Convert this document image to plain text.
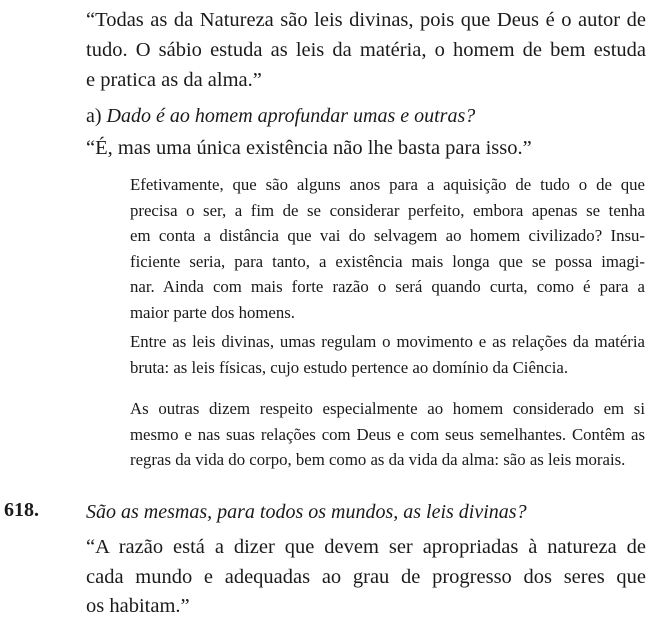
“Todas as da Natureza são leis divinas, pois que Deus é o autor de
tudo. O sábio estuda as leis da matéria, o homem de bem estuda
e pratica as da alma.”

a) Dado é ao homem aprofundar umas e outras?

“É, mas uma única existência não lhe basta para isso.”

Efetivamente, que são alguns anos para a aquisição de tudo o de que
precisa o ser, a fim de se considerar perfeito, embora apenas se tenha
em conta a distância que vai do selvagem ao homem civilizado? Insu-
ficiente seria, para tanto, a existência mais longa que se possa imagi-
nar. Ainda com mais forte razão o será quando curta, como é para a
maior parte dos homens.

Entre as leis divinas, umas regulam o movimento e as relações da matéria
bruta: as leis físicas, cujo estudo pertence ao domínio da Ciência.

As outras dizem respeito especialmente ao homem considerado em si
mesmo e nas suas relações com Deus e com seus semelhantes. Contêm as
regras da vida do corpo, bem como as da vida da alma: são as leis morais.

618. São as mesmas, para todos os mundos, as leis divinas?

“A razão está a dizer que devem ser apropriadas à natureza de
cada mundo e adequadas ao grau de progresso dos seres que
os habitam.”
